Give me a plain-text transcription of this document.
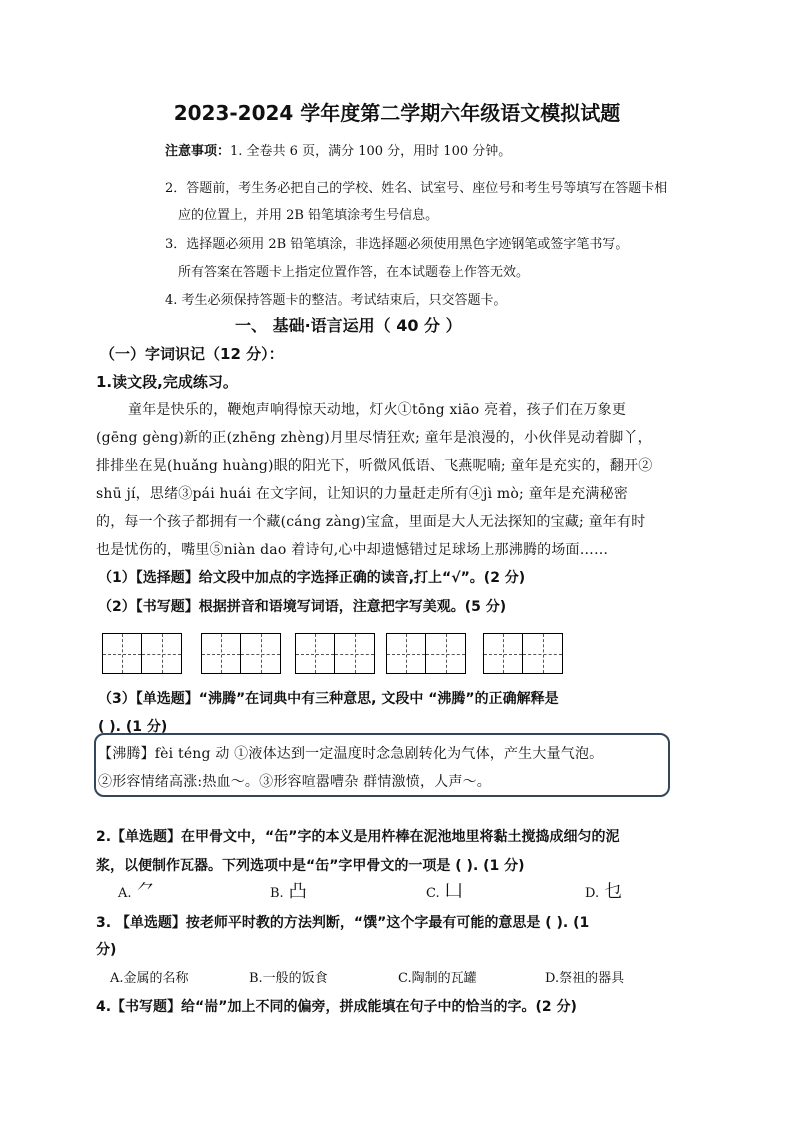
2023-2024 学年度第二学期六年级语文模拟试题
注意事项：1. 全卷共 6 页，满分 100 分，用时 100 分钟。
2．答题前，考生务必把自己的学校、姓名、试室号、座位号和考生号等填写在答题卡相
应的位置上，并用 2B 铅笔填涂考生号信息。
3．选择题必须用 2B 铅笔填涂，非选择题必须使用黑色字迹钢笔或签字笔书写。
所有答案在答题卡上指定位置作答，在本试题卷上作答无效。
4. 考生必须保持答题卡的整洁。考试结束后，只交答题卡。
一、 基础·语言运用（ 40 分 ）
（一）字词识记（12 分）：
1.读文段,完成练习。
童年是快乐的，鞭炮声响得惊天动地，灯火①tōng xiāo 亮着，孩子们在万象更
(gēng gèng)新的正(zhēng zhèng)月里尽情狂欢; 童年是浪漫的，小伙伴晃动着脚丫，
排排坐在晃(huǎng huàng)眼的阳光下，听微风低语、飞燕呢喃; 童年是充实的，翻开②
shū jí，思绪③pái huái 在文字间，让知识的力量赶走所有④jì mò; 童年是充满秘密
的，每一个孩子都拥有一个藏(cáng zàng)宝盒，里面是大人无法探知的宝藏; 童年有时
也是忧伤的，嘴里⑤niàn dao 着诗句,心中却遗憾错过足球场上那沸腾的场面……
（1）【选择题】给文段中加点的字选择正确的读音,打上“√”。(2 分)
（2）【书写题】根据拼音和语境写词语，注意把字写美观。(5 分)
（3）【单选题】“沸腾”在词典中有三种意思, 文段中 “沸腾”的正确解释是
( ). (1 分)
【沸腾】fèi téng 动 ①液体达到一定温度时念急剧转化为气体，产生大量气泡。
②形容情绪高涨:热血～。③形容喧嚣嘈杂 群情激愤，人声～。
2.【单选题】在甲骨文中，“缶”字的本义是用杵棒在泥池地里将黏土搅捣成细匀的泥
浆，以便制作瓦器。下列选项中是“缶”字甲骨文的一项是 ( ). (1 分)
A. ⺈	B. 凸	C. 凵	D. 乜
3. 【单选题】按老师平时教的方法判断，“馔”这个字最有可能的意思是 ( ). (1
分)
A.金属的名称	B.一般的饭食	C.陶制的瓦罐	D.祭祖的器具
4.【书写题】给“耑”加上不同的偏旁，拼成能填在句子中的恰当的字。(2 分)
